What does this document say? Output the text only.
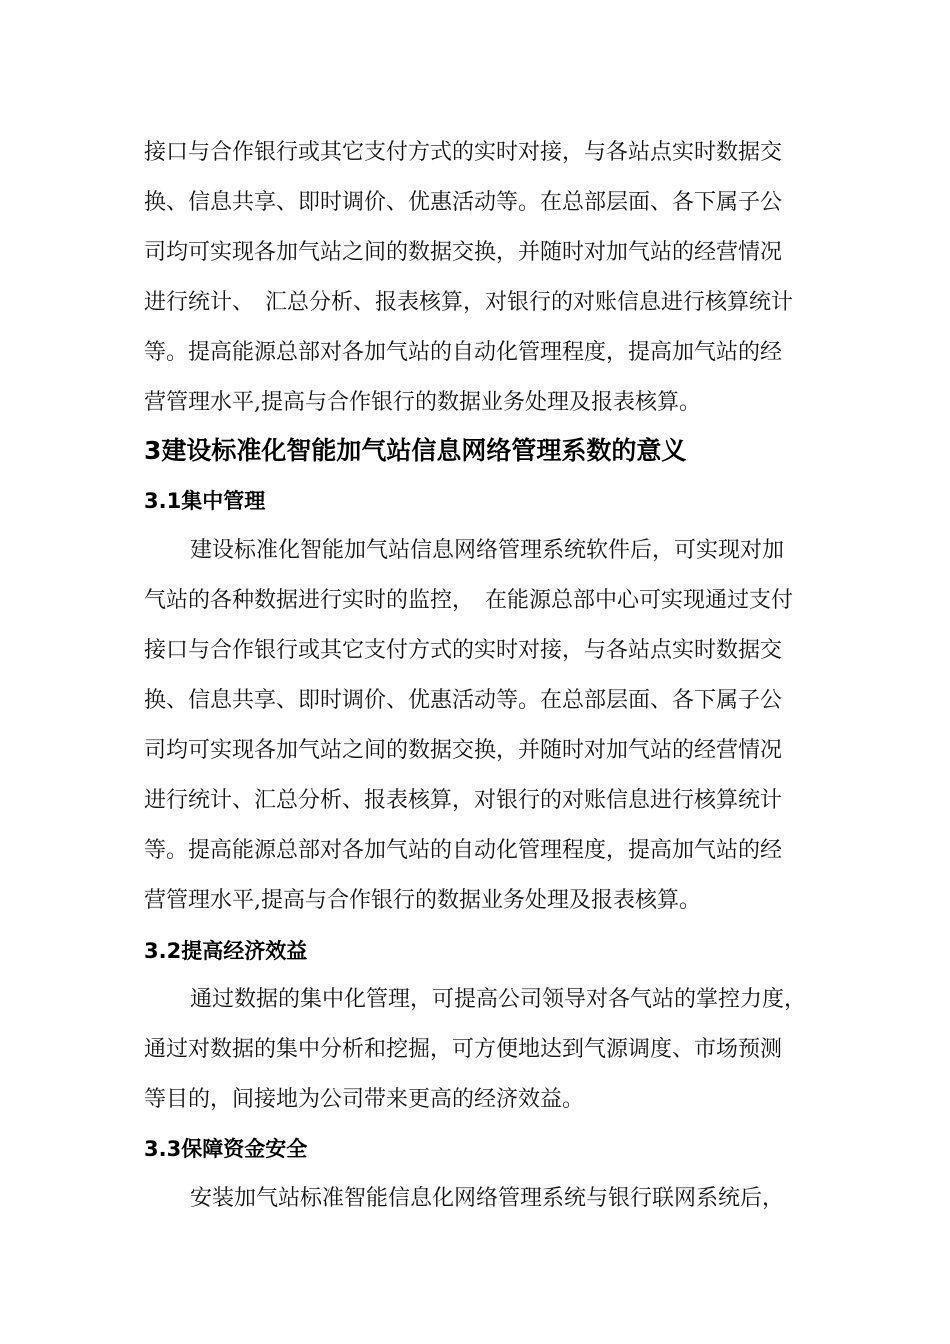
接口与合作银行或其它支付方式的实时对接，与各站点实时数据交
换、信息共享、即时调价、优惠活动等。在总部层面、各下属子公
司均可实现各加气站之间的数据交换，并随时对加气站的经营情况
进行统计、　汇总分析、报表核算，对银行的对账信息进行核算统计
等。提高能源总部对各加气站的自动化管理程度，提高加气站的经
营管理水平,提高与合作银行的数据业务处理及报表核算。
3建设标准化智能加气站信息网络管理系数的意义
3.1集中管理
建设标准化智能加气站信息网络管理系统软件后，可实现对加
气站的各种数据进行实时的监控，　在能源总部中心可实现通过支付
接口与合作银行或其它支付方式的实时对接，与各站点实时数据交
换、信息共享、即时调价、优惠活动等。在总部层面、各下属子公
司均可实现各加气站之间的数据交换，并随时对加气站的经营情况
进行统计、汇总分析、报表核算，对银行的对账信息进行核算统计
等。提高能源总部对各加气站的自动化管理程度，提高加气站的经
营管理水平,提高与合作银行的数据业务处理及报表核算。
3.2提高经济效益
通过数据的集中化管理，可提高公司领导对各气站的掌控力度，
通过对数据的集中分析和挖掘，可方便地达到气源调度、市场预测
等目的，间接地为公司带来更高的经济效益。
3.3保障资金安全
安装加气站标准智能信息化网络管理系统与银行联网系统后，
